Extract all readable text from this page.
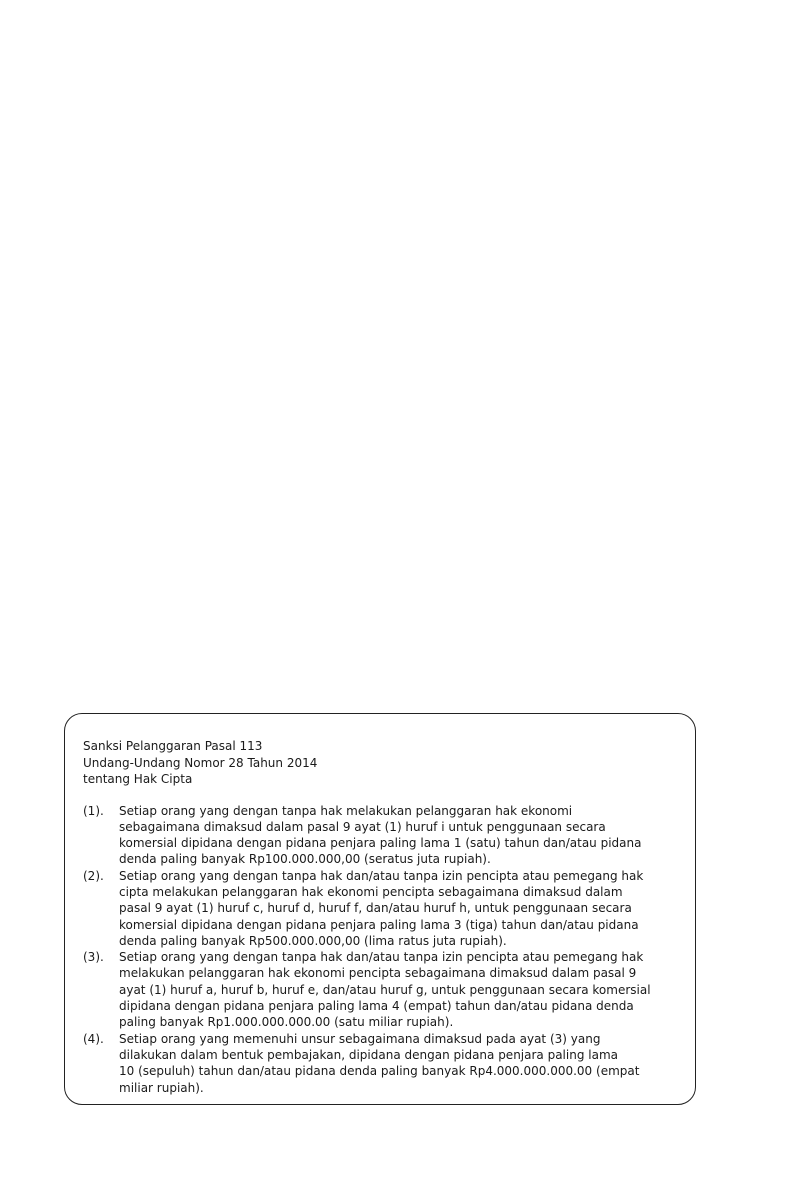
Sanksi Pelanggaran Pasal 113
Undang-Undang Nomor 28 Tahun 2014
tentang Hak Cipta
(1).	Setiap orang yang dengan tanpa hak melakukan pelanggaran hak ekonomi
sebagaimana dimaksud dalam pasal 9 ayat (1) huruf i untuk penggunaan secara
komersial dipidana dengan pidana penjara paling lama 1 (satu) tahun dan/atau pidana
denda paling banyak Rp100.000.000,00 (seratus juta rupiah).
(2).	Setiap orang yang dengan tanpa hak dan/atau tanpa izin pencipta atau pemegang hak
cipta melakukan pelanggaran hak ekonomi pencipta sebagaimana dimaksud dalam
pasal 9 ayat (1) huruf c, huruf d, huruf f, dan/atau huruf h, untuk penggunaan secara
komersial dipidana dengan pidana penjara paling lama 3 (tiga) tahun dan/atau pidana
denda paling banyak Rp500.000.000,00 (lima ratus juta rupiah).
(3).	Setiap orang yang dengan tanpa hak dan/atau tanpa izin pencipta atau pemegang hak
melakukan pelanggaran hak ekonomi pencipta sebagaimana dimaksud dalam pasal 9
ayat (1) huruf a, huruf b, huruf e, dan/atau huruf g, untuk penggunaan secara komersial
dipidana dengan pidana penjara paling lama 4 (empat) tahun dan/atau pidana denda
paling banyak Rp1.000.000.000.00 (satu miliar rupiah).
(4).	Setiap orang yang memenuhi unsur sebagaimana dimaksud pada ayat (3) yang
dilakukan dalam bentuk pembajakan, dipidana dengan pidana penjara paling lama
10 (sepuluh) tahun dan/atau pidana denda paling banyak Rp4.000.000.000.00 (empat
miliar rupiah).
